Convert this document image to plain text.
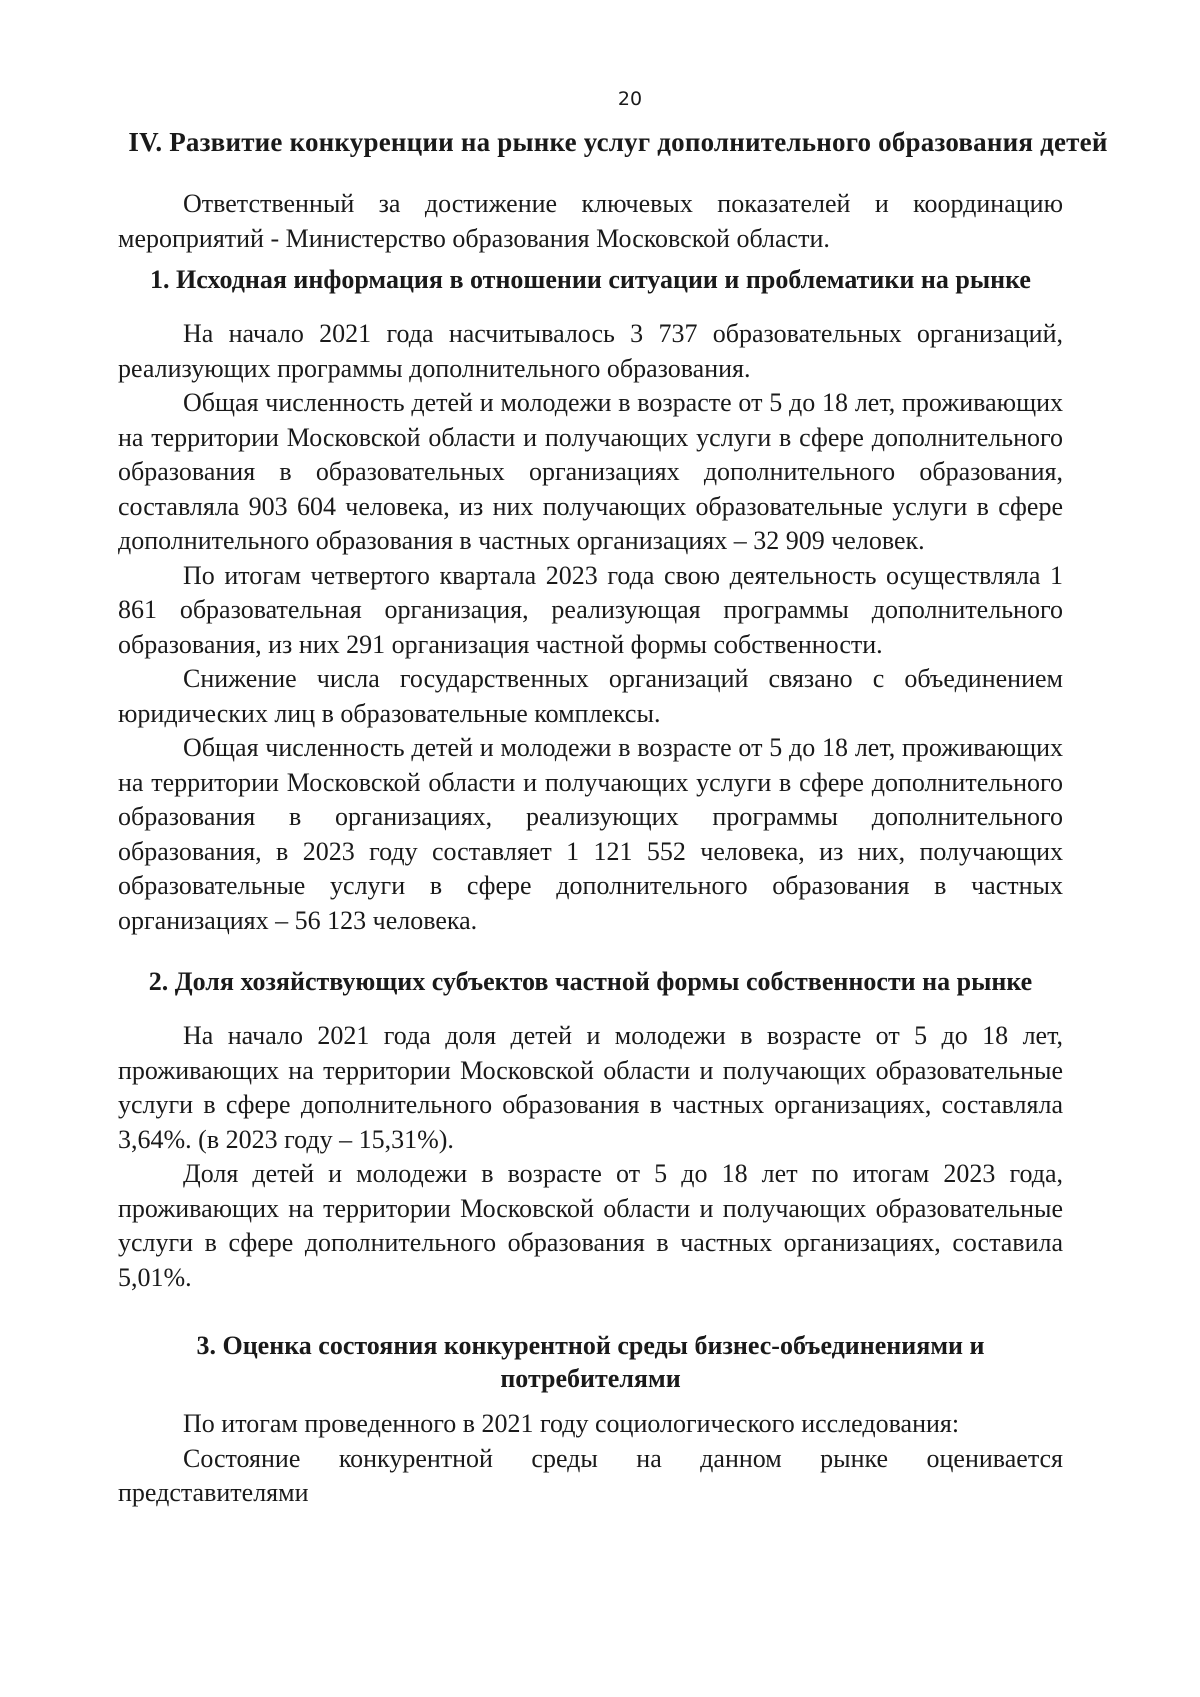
20
IV. Развитие конкуренции на рынке услуг дополнительного образования детей

Ответственный за достижение ключевых показателей и координацию мероприятий - Министерство образования Московской области.

1. Исходная информация в отношении ситуации и проблематики на рынке

На начало 2021 года насчитывалось 3 737 образовательных организаций, реализующих программы дополнительного образования.

Общая численность детей и молодежи в возрасте от 5 до 18 лет, проживающих на территории Московской области и получающих услуги в сфере дополнительного образования в образовательных организациях дополнительного образования, составляла 903 604 человека, из них получающих образовательные услуги в сфере дополнительного образования в частных организациях – 32 909 человек.

По итогам четвертого квартала 2023 года свою деятельность осуществляла 1 861 образовательная организация, реализующая программы дополнительного образования, из них 291 организация частной формы собственности.

Снижение числа государственных организаций связано с объединением юридических лиц в образовательные комплексы.

Общая численность детей и молодежи в возрасте от 5 до 18 лет, проживающих на территории Московской области и получающих услуги в сфере дополнительного образования в организациях, реализующих программы дополнительного образования, в 2023 году составляет 1 121 552 человека, из них, получающих образовательные услуги в сфере дополнительного образования в частных организациях – 56 123 человека.

2. Доля хозяйствующих субъектов частной формы собственности на рынке

На начало 2021 года доля детей и молодежи в возрасте от 5 до 18 лет, проживающих на территории Московской области и получающих образовательные услуги в сфере дополнительного образования в частных организациях, составляла 3,64%. (в 2023 году – 15,31%).

Доля детей и молодежи в возрасте от 5 до 18 лет по итогам 2023 года, проживающих на территории Московской области и получающих образовательные услуги в сфере дополнительного образования в частных организациях, составила 5,01%.

3. Оценка состояния конкурентной среды бизнес-объединениями и
потребителями

По итогам проведенного в 2021 году социологического исследования:

Состояние конкурентной среды на данном рынке оценивается представителями
